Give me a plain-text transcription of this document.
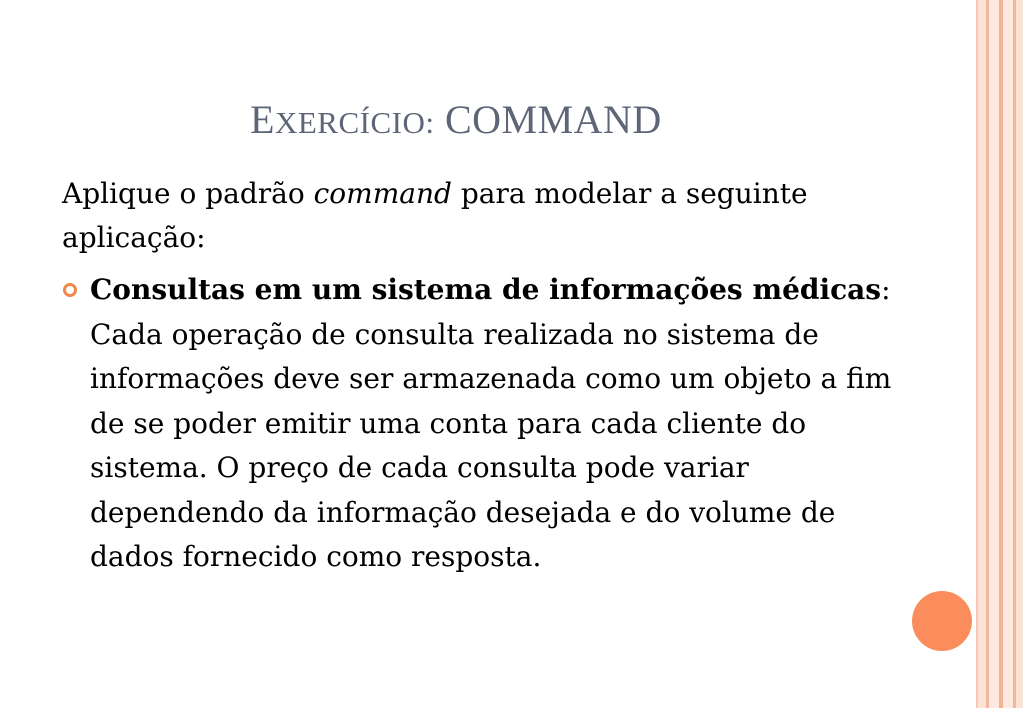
EXERCÍCIO: COMMAND

Aplique o padrão command para modelar a seguinte aplicação:

Consultas em um sistema de informações médicas: Cada operação de consulta realizada no sistema de informações deve ser armazenada como um objeto a fim de se poder emitir uma conta para cada cliente do sistema. O preço de cada consulta pode variar dependendo da informação desejada e do volume de dados fornecido como resposta.
